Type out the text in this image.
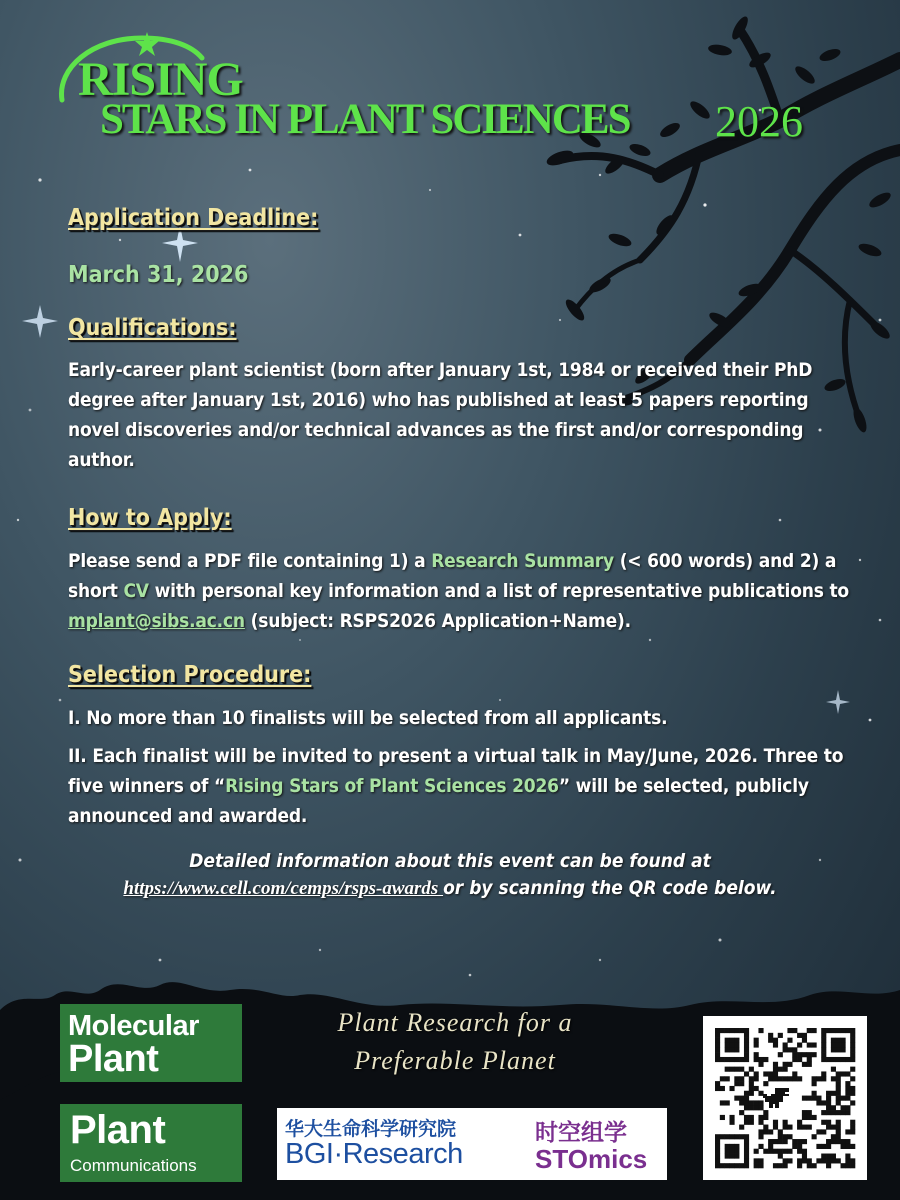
RISING
STARS IN PLANT SCIENCES 2026
Application Deadline:
March 31, 2026
Qualifications:
Early-career plant scientist (born after January 1st, 1984 or received their PhD degree after January 1st, 2016) who has published at least 5 papers reporting novel discoveries and/or technical advances as the first and/or corresponding author.
How to Apply:
Please send a PDF file containing 1) a Research Summary (< 600 words) and 2) a short CV with personal key information and a list of representative publications to mplant@sibs.ac.cn (subject: RSPS2026 Application+Name).
Selection Procedure:
I. No more than 10 finalists will be selected from all applicants.
II. Each finalist will be invited to present a virtual talk in May/June, 2026. Three to five winners of “Rising Stars of Plant Sciences 2026” will be selected, publicly announced and awarded.
Detailed information about this event can be found at
https://www.cell.com/cemps/rsps-awards or by scanning the QR code below.
Molecular
Plant
Plant
Communications
Plant Research for a
Preferable Planet
华大生命科学研究院
BGI·Research
时空组学
STOmics
